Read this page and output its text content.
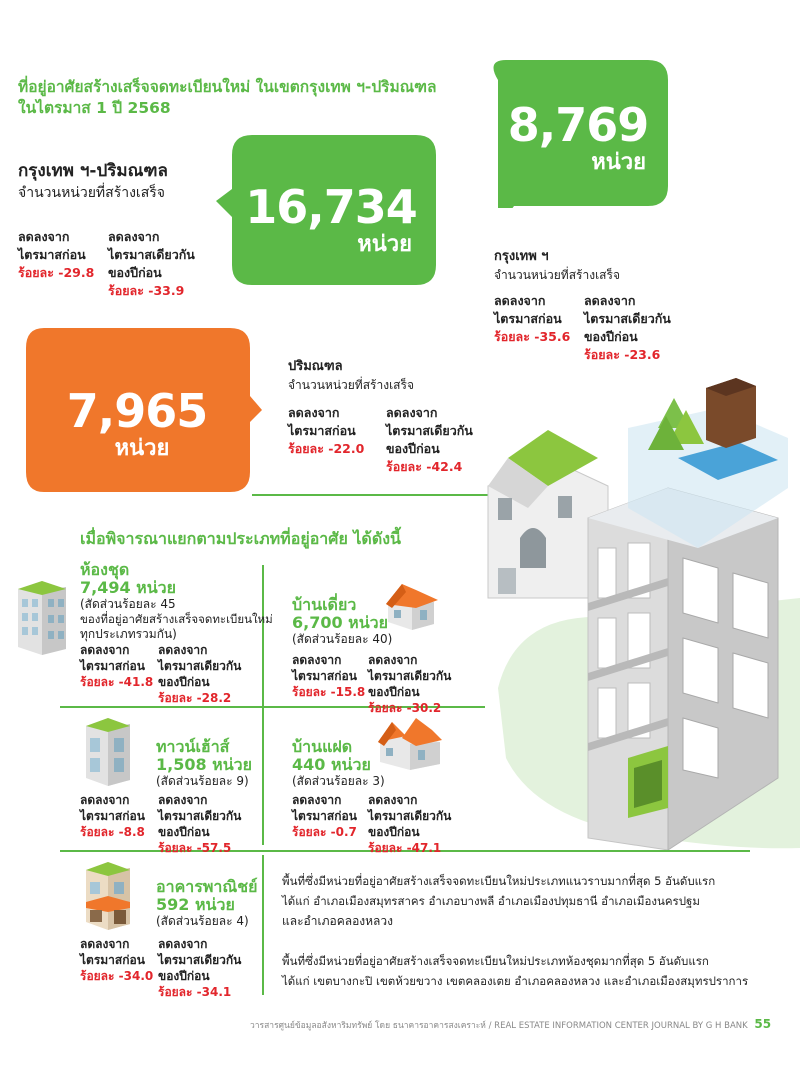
ที่อยู่อาศัยสร้างเสร็จจดทะเบียนใหม่ ในเขตกรุงเทพ ฯ-ปริมณฑล
ในไตรมาส 1 ปี 2568	8,769
หน่วย
16,734
หน่วย
กรุงเทพ ฯ-ปริมณฑล
จำนวนหน่วยที่สร้างเสร็จ
ลดลงจาก
ไตรมาสก่อน
ร้อยละ -29.8
ลดลงจาก
ไตรมาสเดียวกัน
ของปีก่อน
ร้อยละ -33.9
กรุงเทพ ฯ
จำนวนหน่วยที่สร้างเสร็จ
ลดลงจาก
ไตรมาสก่อน
ร้อยละ -35.6
ลดลงจาก
ไตรมาสเดียวกัน
ของปีก่อน
ร้อยละ -23.6
7,965
หน่วย
ปริมณฑล
จำนวนหน่วยที่สร้างเสร็จ
ลดลงจาก
ไตรมาสก่อน
ร้อยละ -22.0
ลดลงจาก
ไตรมาสเดียวกัน
ของปีก่อน
ร้อยละ -42.4
เมื่อพิจารณาแยกตามประเภทที่อยู่อาศัย ได้ดังนี้
ห้องชุด
7,494 หน่วย
(สัดส่วนร้อยละ 45
ของที่อยู่อาศัยสร้างเสร็จจดทะเบียนใหม่
ทุกประเภทรวมกัน)
ลดลงจาก
ไตรมาสก่อน
ร้อยละ -41.8
ลดลงจาก
ไตรมาสเดียวกัน
ของปีก่อน
ร้อยละ -28.2
บ้านเดี่ยว
6,700 หน่วย
(สัดส่วนร้อยละ 40)
ลดลงจาก
ไตรมาสก่อน
ร้อยละ -15.8
ลดลงจาก
ไตรมาสเดียวกัน
ของปีก่อน
ร้อยละ -30.2
ทาวน์เฮ้าส์
1,508 หน่วย
(สัดส่วนร้อยละ 9)
ลดลงจาก
ไตรมาสก่อน
ร้อยละ -8.8
ลดลงจาก
ไตรมาสเดียวกัน
ของปีก่อน
ร้อยละ -57.5
บ้านแฝด
440 หน่วย
(สัดส่วนร้อยละ 3)
ลดลงจาก
ไตรมาสก่อน
ร้อยละ -0.7
ลดลงจาก
ไตรมาสเดียวกัน
ของปีก่อน
ร้อยละ -47.1
อาคารพาณิชย์
592 หน่วย
(สัดส่วนร้อยละ 4)
ลดลงจาก
ไตรมาสก่อน
ร้อยละ -34.0
ลดลงจาก
ไตรมาสเดียวกัน
ของปีก่อน
ร้อยละ -34.1
พื้นที่ซึ่งมีหน่วยที่อยู่อาศัยสร้างเสร็จจดทะเบียนใหม่ประเภทแนวราบมากที่สุด 5 อันดับแรก
ได้แก่ อำเภอเมืองสมุทรสาคร อำเภอบางพลี อำเภอเมืองปทุมธานี อำเภอเมืองนครปฐม
และอำเภอคลองหลวง
พื้นที่ซึ่งมีหน่วยที่อยู่อาศัยสร้างเสร็จจดทะเบียนใหม่ประเภทห้องชุดมากที่สุด 5 อันดับแรก
ได้แก่ เขตบางกะปิ เขตห้วยขวาง เขตคลองเตย อำเภอคลองหลวง และอำเภอเมืองสมุทรปราการ
วารสารศูนย์ข้อมูลอสังหาริมทรัพย์ โดย ธนาคารอาคารสงเคราะห์ / REAL ESTATE INFORMATION CENTER JOURNAL BY G H BANK 55
